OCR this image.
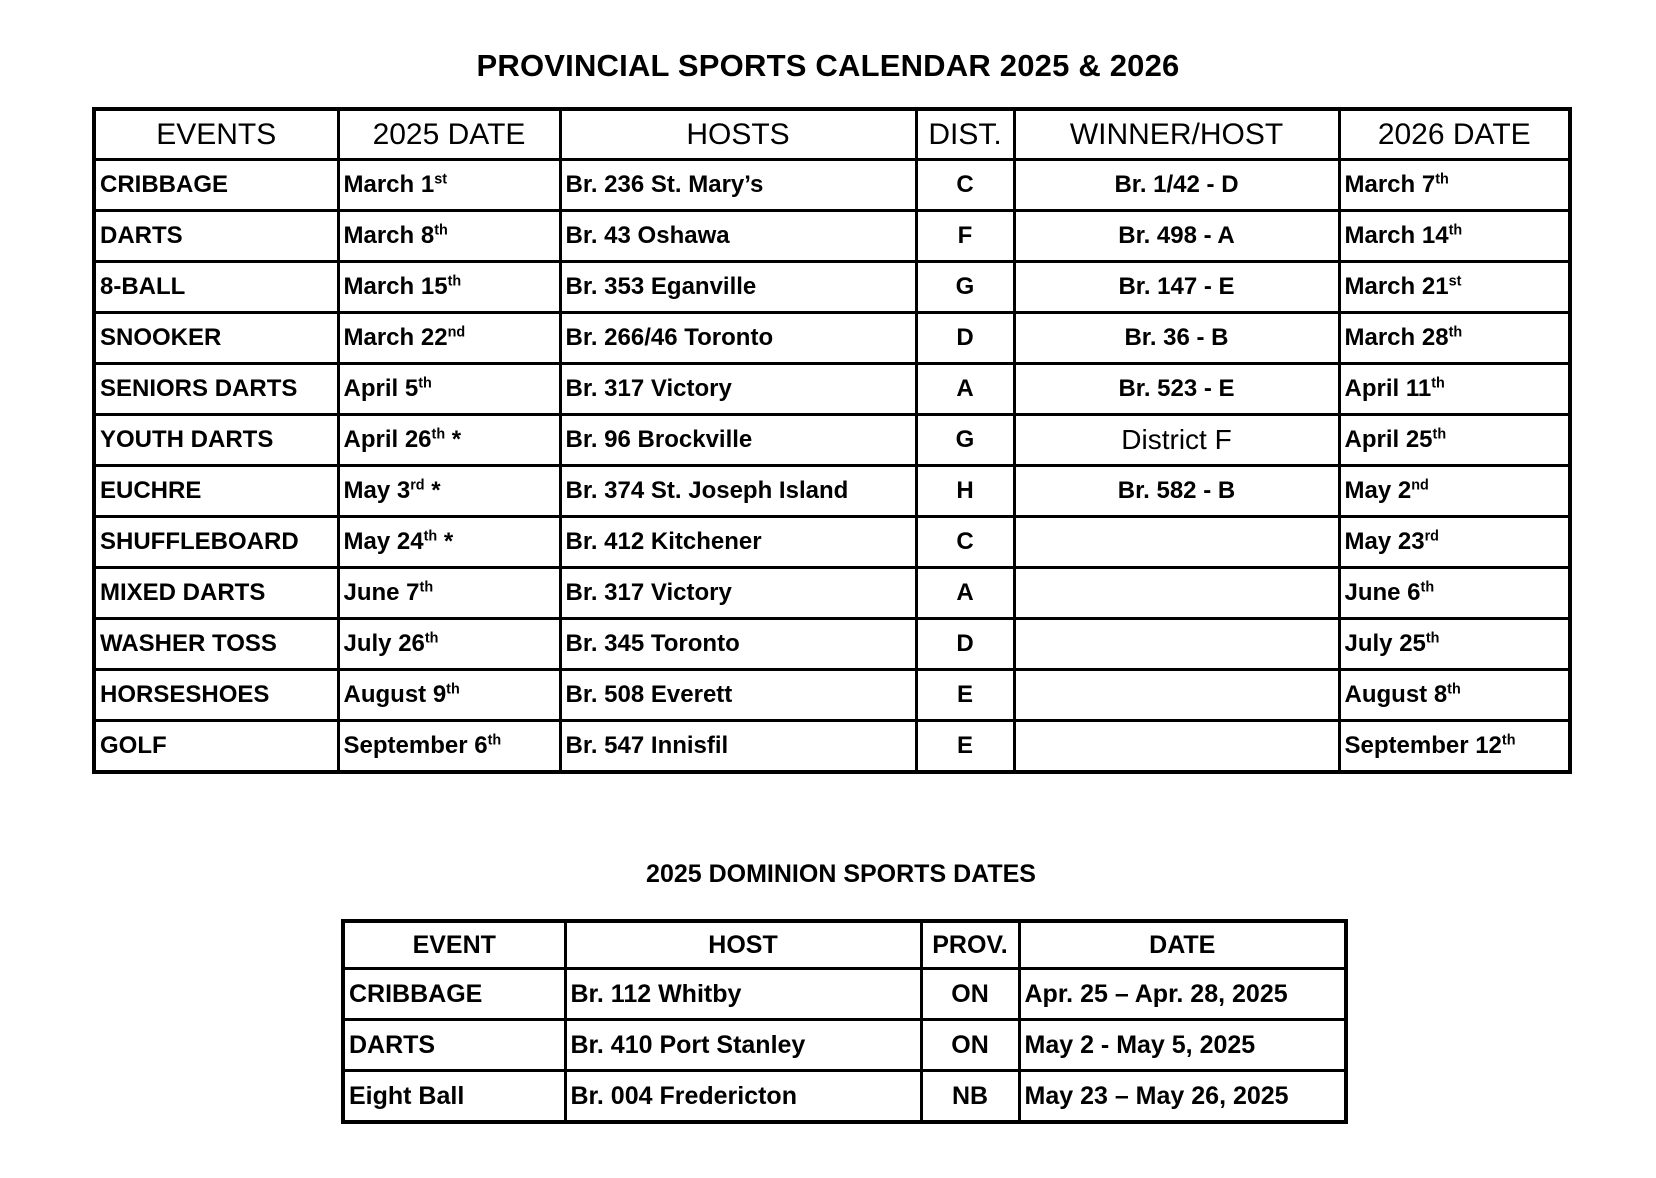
PROVINCIAL SPORTS CALENDAR 2025 & 2026
EVENTS	2025 DATE	HOSTS	DIST.	WINNER/HOST	2026 DATE
CRIBBAGE	March 1st	Br. 236 St. Mary’s	C	Br. 1/42 - D	March 7th
DARTS	March 8th	Br. 43 Oshawa	F	Br. 498 - A	March 14th
8-BALL	March 15th	Br. 353 Eganville	G	Br. 147 - E	March 21st
SNOOKER	March 22nd	Br. 266/46 Toronto	D	Br. 36 - B	March 28th
SENIORS DARTS	April 5th	Br. 317 Victory	A	Br. 523 - E	April 11th
YOUTH DARTS	April 26th *	Br. 96 Brockville	G	District F	April 25th
EUCHRE	May 3rd *	Br. 374 St. Joseph Island	H	Br. 582 - B	May 2nd
SHUFFLEBOARD	May 24th *	Br. 412 Kitchener	C		May 23rd
MIXED DARTS	June 7th	Br. 317 Victory	A		June 6th
WASHER TOSS	July 26th	Br. 345 Toronto	D		July 25th
HORSESHOES	August 9th	Br. 508 Everett	E		August 8th
GOLF	September 6th	Br. 547 Innisfil	E		September 12th
2025 DOMINION SPORTS DATES
EVENT	HOST	PROV.	DATE
CRIBBAGE	Br. 112 Whitby	ON	Apr. 25 – Apr. 28, 2025
DARTS	Br. 410 Port Stanley	ON	May 2 - May 5, 2025
Eight Ball	Br. 004 Fredericton	NB	May 23 – May 26, 2025
